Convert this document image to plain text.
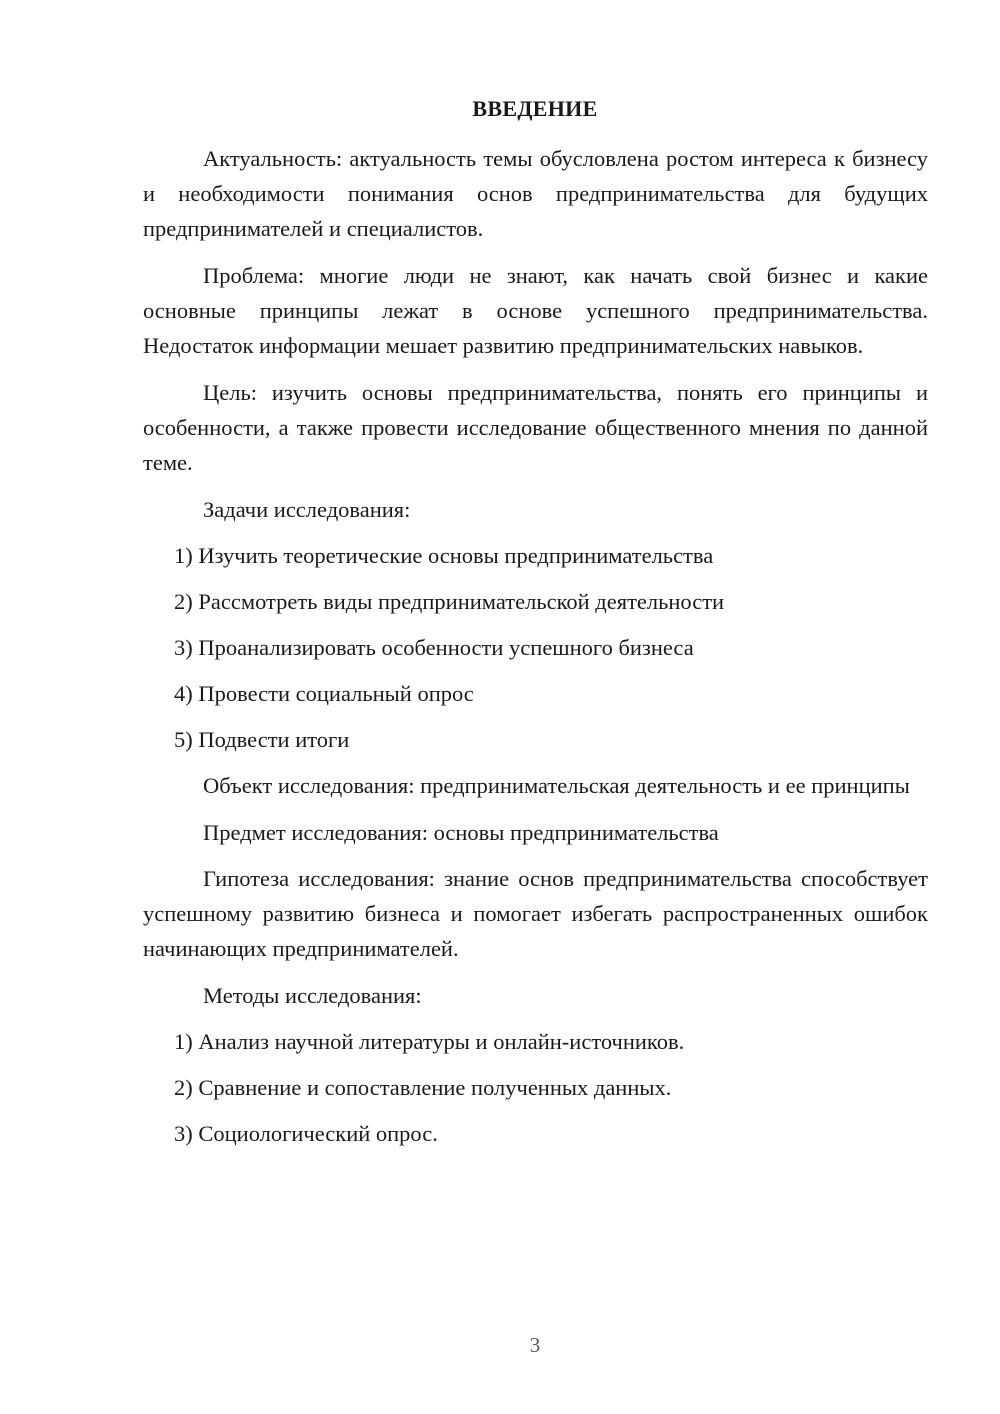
ВВЕДЕНИЕ

Актуальность: актуальность темы обусловлена ростом интереса к бизнесу и необходимости понимания основ предпринимательства для будущих предпринимателей и специалистов.

Проблема: многие люди не знают, как начать свой бизнес и какие основные принципы лежат в основе успешного предпринимательства. Недостаток информации мешает развитию предпринимательских навыков.

Цель: изучить основы предпринимательства, понять его принципы и особенности, а также провести исследование общественного мнения по данной теме.

Задачи исследования:

1) Изучить теоретические основы предпринимательства

2) Рассмотреть виды предпринимательской деятельности

3) Проанализировать особенности успешного бизнеса

4) Провести социальный опрос

5) Подвести итоги

Объект исследования: предпринимательская деятельность и ее принципы

Предмет исследования: основы предпринимательства

Гипотеза исследования: знание основ предпринимательства способствует успешному развитию бизнеса и помогает избегать распространенных ошибок начинающих предпринимателей.

Методы исследования:

1) Анализ научной литературы и онлайн-источников.

2) Сравнение и сопоставление полученных данных.

3) Социологический опрос.

3
